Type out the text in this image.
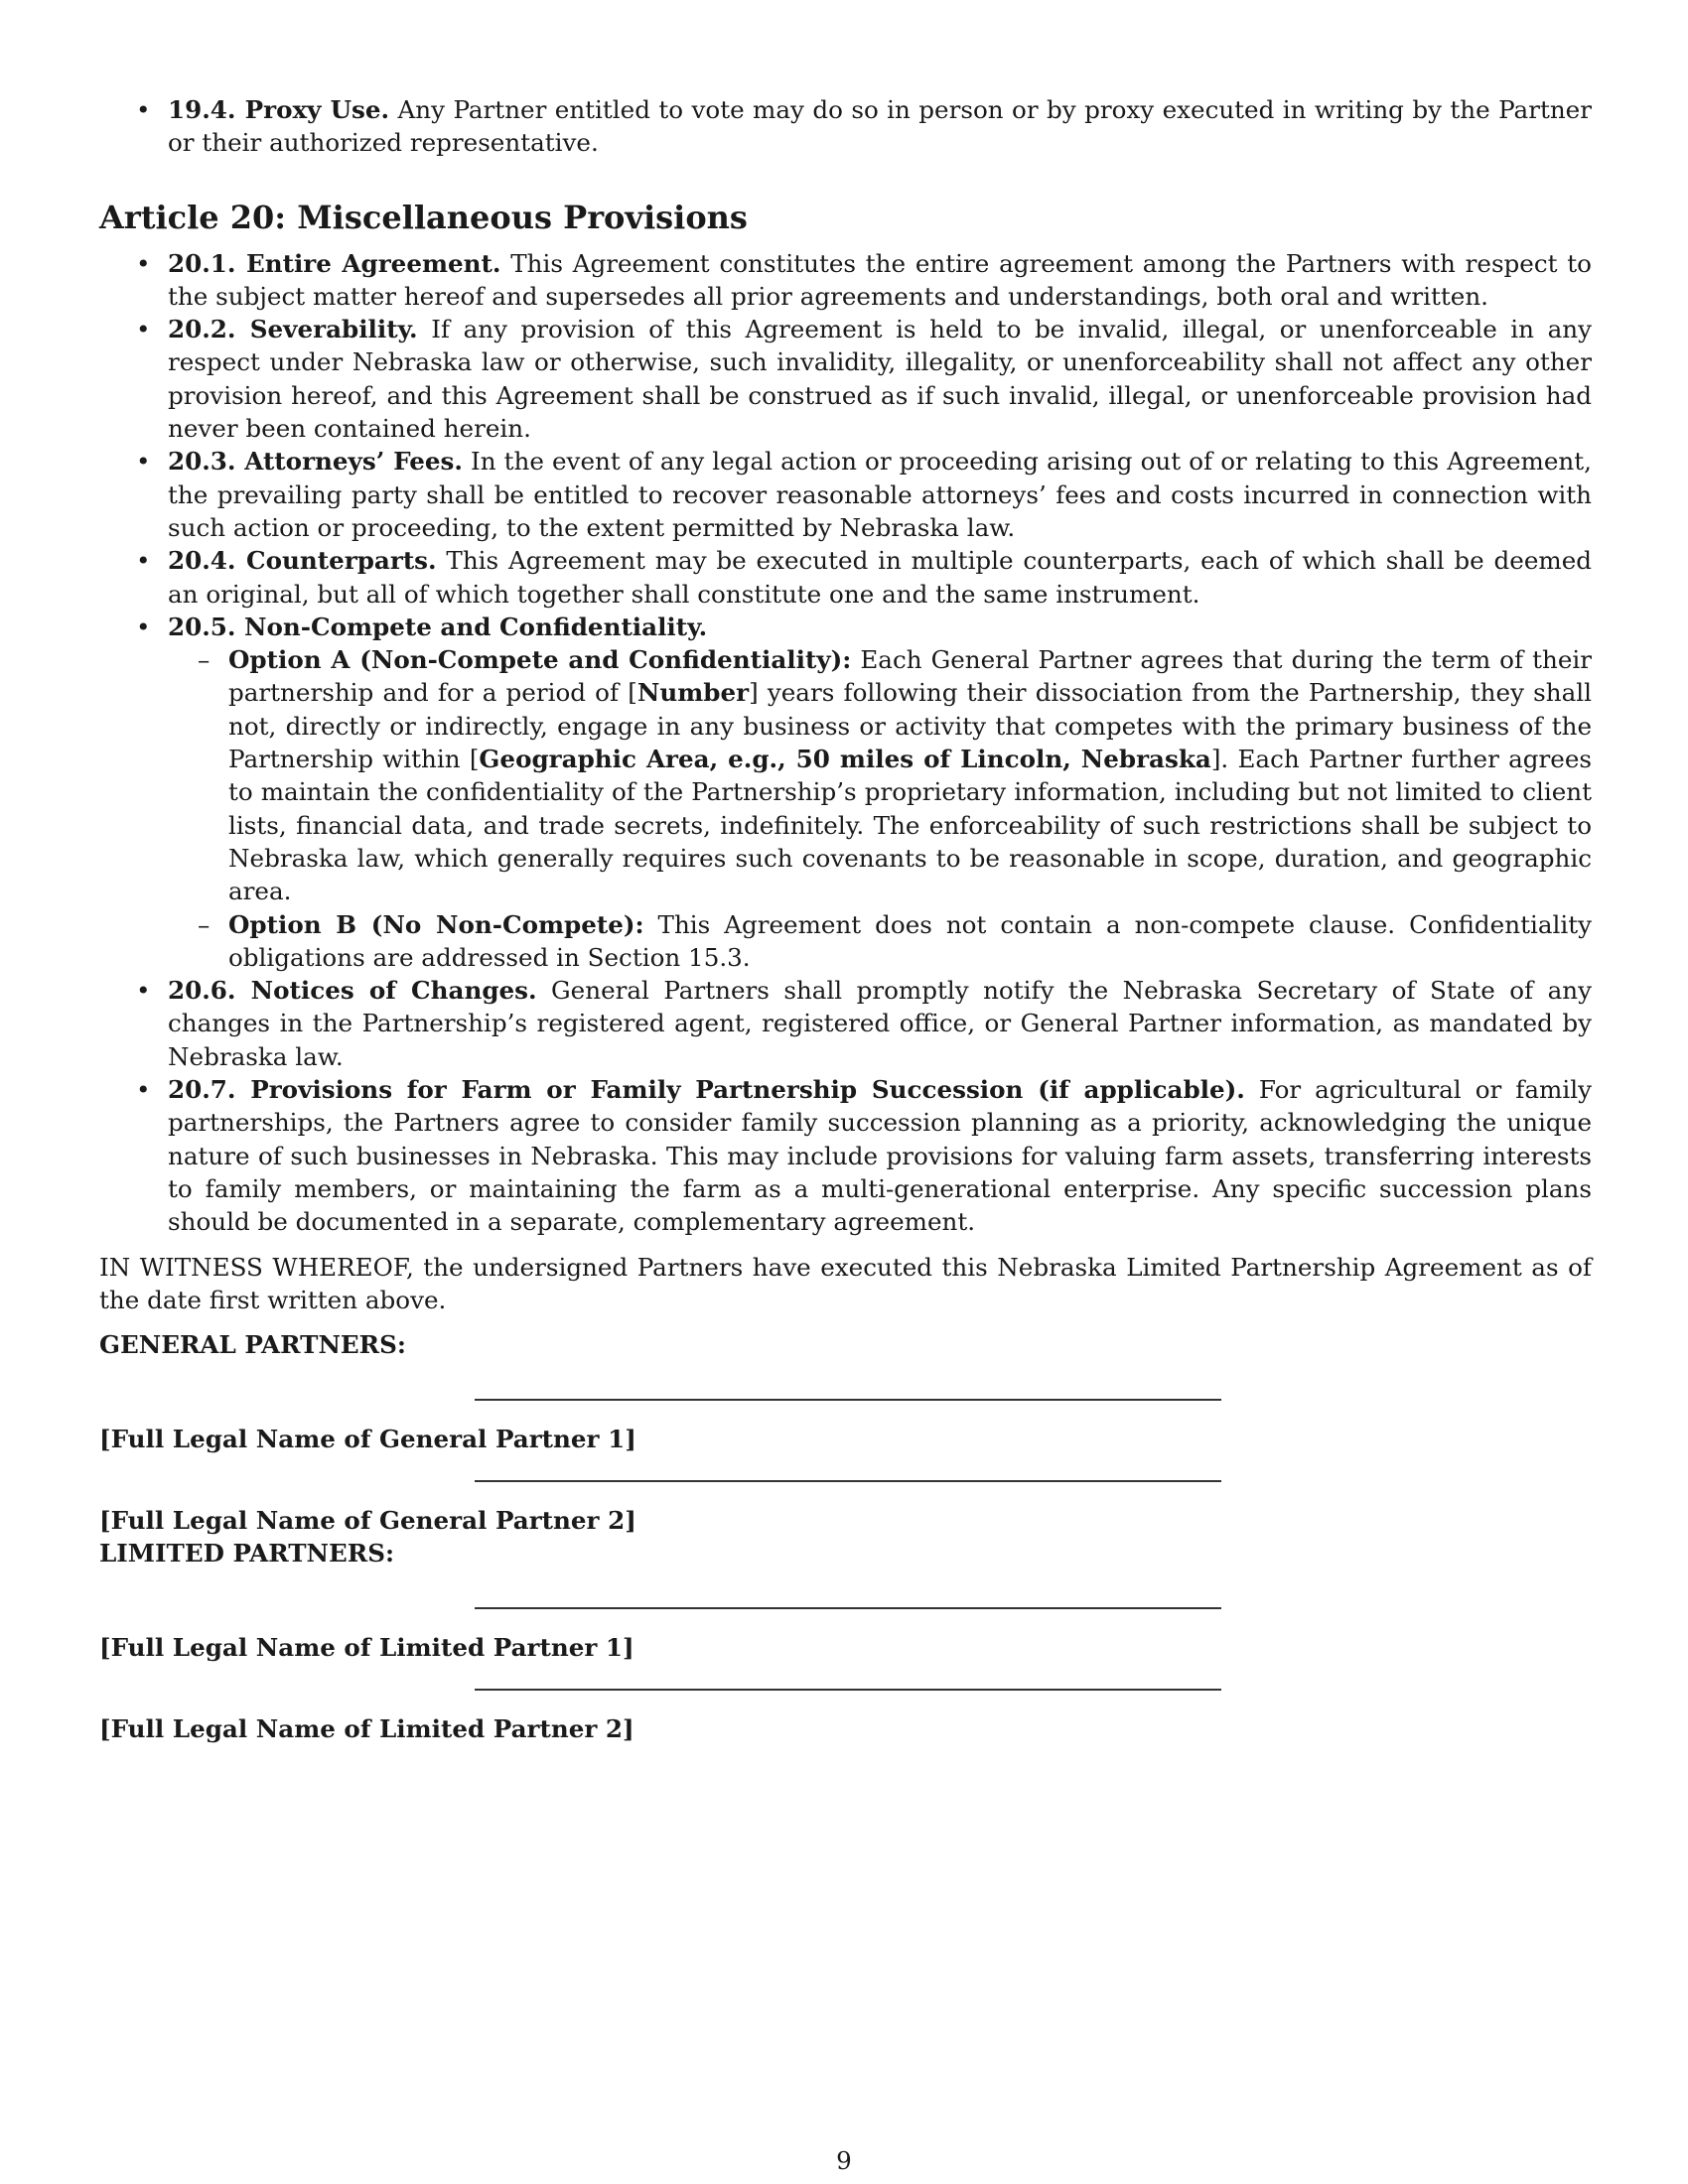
• 19.4. Proxy Use. Any Partner entitled to vote may do so in person or by proxy executed in writing by the Partner or their authorized representative.
Article 20: Miscellaneous Provisions
• 20.1. Entire Agreement. This Agreement constitutes the entire agreement among the Partners with respect to the subject matter hereof and supersedes all prior agreements and understandings, both oral and written.
• 20.2. Severability. If any provision of this Agreement is held to be invalid, illegal, or unenforceable in any respect under Nebraska law or otherwise, such invalidity, illegality, or unenforceability shall not affect any other provision hereof, and this Agreement shall be construed as if such invalid, illegal, or unenforceable provision had never been contained herein.
• 20.3. Attorneys’ Fees. In the event of any legal action or proceeding arising out of or relating to this Agreement, the prevailing party shall be entitled to recover reasonable attorneys’ fees and costs incurred in connection with such action or proceeding, to the extent permitted by Nebraska law.
• 20.4. Counterparts. This Agreement may be executed in multiple counterparts, each of which shall be deemed an original, but all of which together shall constitute one and the same instrument.
• 20.5. Non-Compete and Confidentiality.
– Option A (Non-Compete and Confidentiality): Each General Partner agrees that during the term of their partnership and for a period of [Number] years following their dissociation from the Partnership, they shall not, directly or indirectly, engage in any business or activity that competes with the primary business of the Partnership within [Geographic Area, e.g., 50 miles of Lincoln, Nebraska]. Each Partner further agrees to maintain the confidentiality of the Partnership’s proprietary information, including but not limited to client lists, financial data, and trade secrets, indefinitely. The enforceability of such restrictions shall be subject to Nebraska law, which generally requires such covenants to be reasonable in scope, duration, and geographic area.
– Option B (No Non-Compete): This Agreement does not contain a non-compete clause. Confidentiality obligations are addressed in Section 15.3.
• 20.6. Notices of Changes. General Partners shall promptly notify the Nebraska Secretary of State of any changes in the Partnership’s registered agent, registered office, or General Partner information, as mandated by Nebraska law.
• 20.7. Provisions for Farm or Family Partnership Succession (if applicable). For agricultural or family partnerships, the Partners agree to consider family succession planning as a priority, acknowledging the unique nature of such businesses in Nebraska. This may include provisions for valuing farm assets, transferring interests to family members, or maintaining the farm as a multi-generational enterprise. Any specific succession plans should be documented in a separate, complementary agreement.

IN WITNESS WHEREOF, the undersigned Partners have executed this Nebraska Limited Partnership Agreement as of the date first written above.

GENERAL PARTNERS:
[Full Legal Name of General Partner 1]
[Full Legal Name of General Partner 2]
LIMITED PARTNERS:
[Full Legal Name of Limited Partner 1]
[Full Legal Name of Limited Partner 2]
9
